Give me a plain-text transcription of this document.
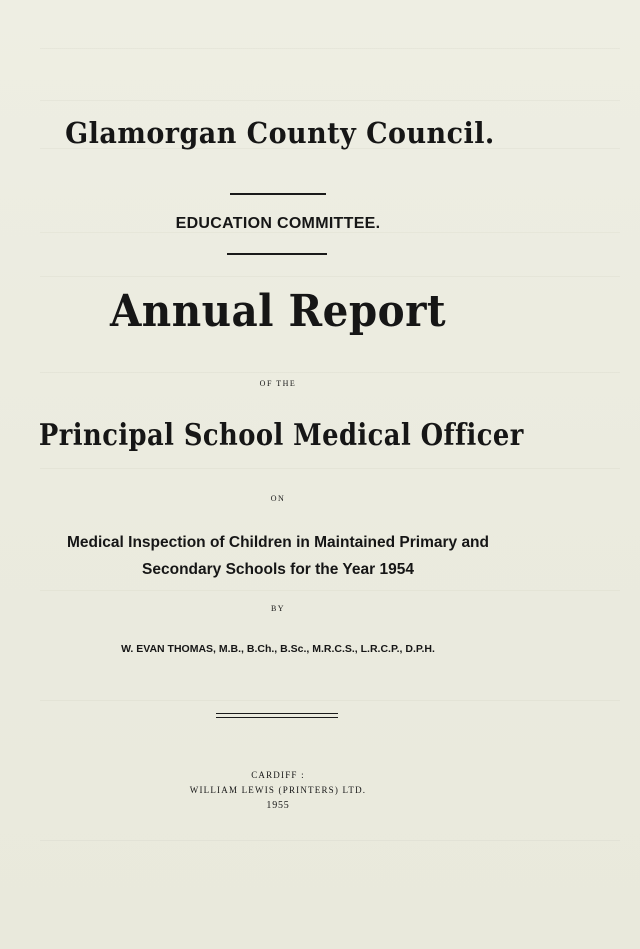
Glamorgan County Council.
EDUCATION COMMITTEE.
Annual Report
OF THE
Principal School Medical Officer
ON
Medical Inspection of Children in Maintained Primary and
Secondary Schools for the Year 1954
BY
W. EVAN THOMAS, M.B., B.Ch., B.Sc., M.R.C.S., L.R.C.P., D.P.H.
CARDIFF :
WILLIAM LEWIS (PRINTERS) LTD.
1955
